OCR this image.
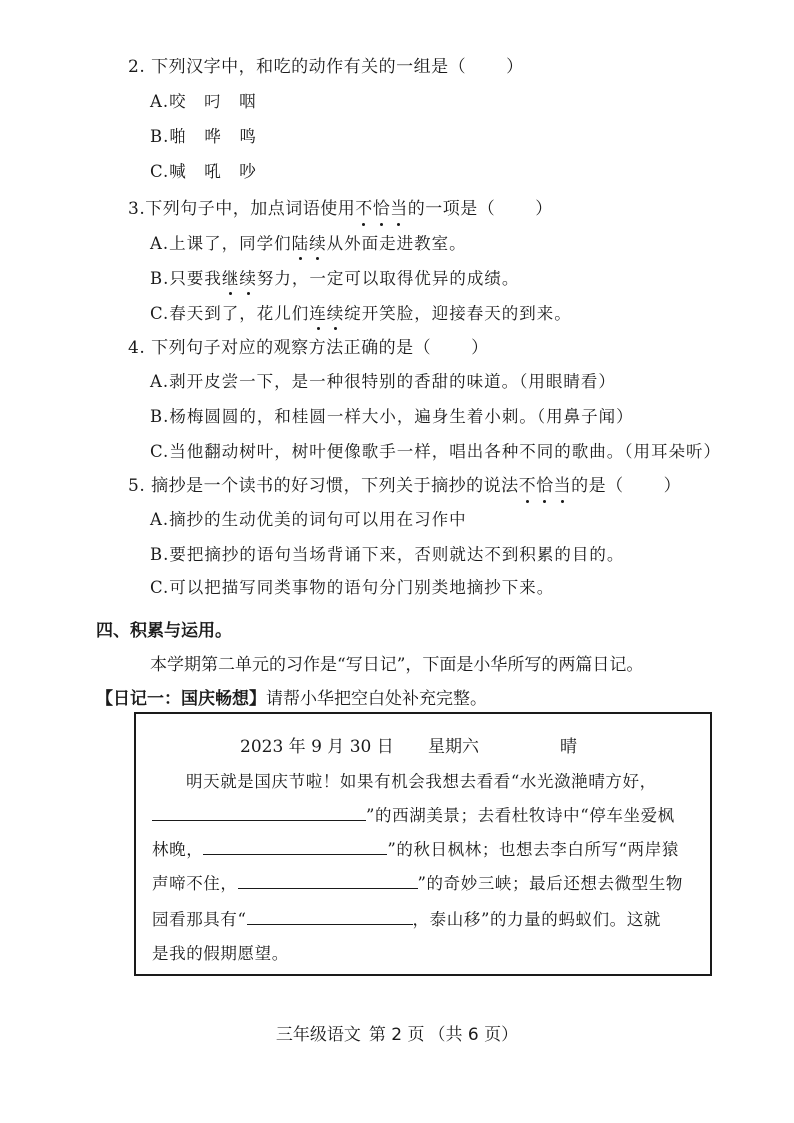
2. 下列汉字中，和吃的动作有关的一组是（ ）
A.咬　叼　咽
B.啪　哗　鸣
C.喊　吼　吵
3.下列句子中，加点词语使用不恰当的一项是（ ）
A.上课了，同学们陆续从外面走进教室。
B.只要我继续努力，一定可以取得优异的成绩。
C.春天到了，花儿们连续绽开笑脸，迎接春天的到来。
4. 下列句子对应的观察方法正确的是（ ）
A.剥开皮尝一下，是一种很特别的香甜的味道。（用眼睛看）
B.杨梅圆圆的，和桂圆一样大小，遍身生着小刺。（用鼻子闻）
C.当他翻动树叶，树叶便像歌手一样，唱出各种不同的歌曲。（用耳朵听）
5. 摘抄是一个读书的好习惯，下列关于摘抄的说法不恰当的是（ ）
A.摘抄的生动优美的词句可以用在习作中
B.要把摘抄的语句当场背诵下来，否则就达不到积累的目的。
C.可以把描写同类事物的语句分门别类地摘抄下来。
四、积累与运用。
本学期第二单元的习作是“写日记”，下面是小华所写的两篇日记。
【日记一：国庆畅想】请帮小华把空白处补充完整。
2023 年 9 月 30 日 星期六	晴
明天就是国庆节啦！如果有机会我想去看看“水光潋滟晴方好，
”的西湖美景；去看杜牧诗中“停车坐爱枫
林晚，	”的秋日枫林；也想去李白所写“两岸猿
声啼不住，	”的奇妙三峡；最后还想去微型生物
园看那具有“	，泰山移”的力量的蚂蚁们。这就
是我的假期愿望。
三年级语文 第 2 页 （共 6 页）
